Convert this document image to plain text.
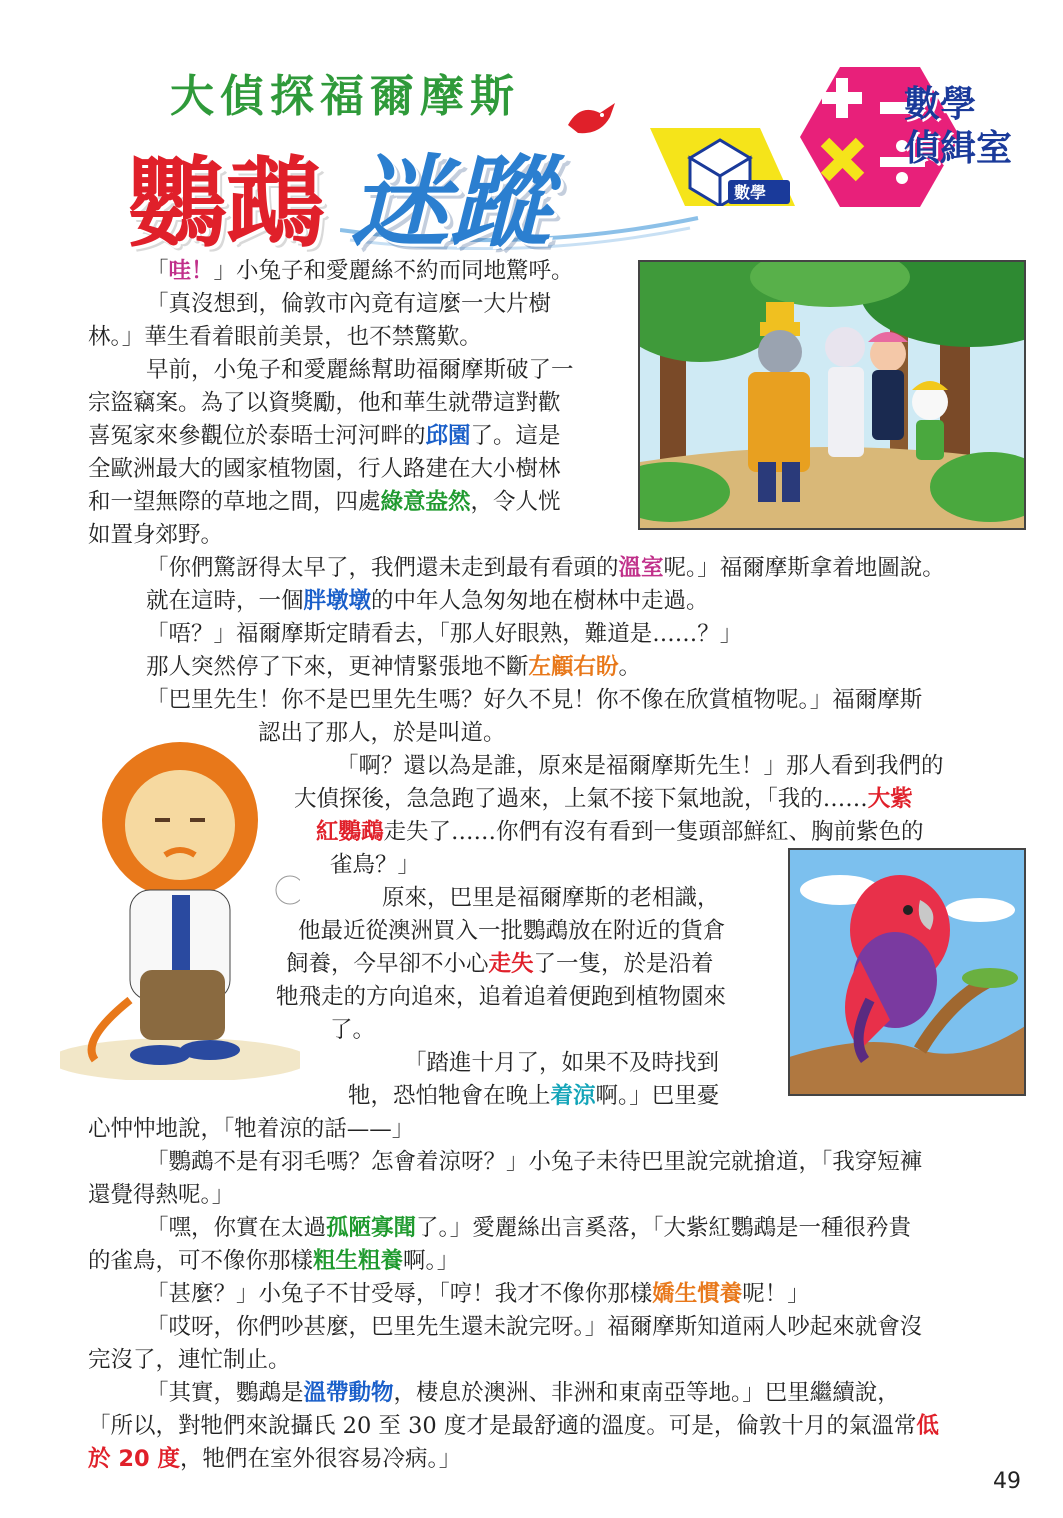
大偵探福爾摩斯
鸚鵡 迷蹤	數學
數學
偵緝室
「哇！」小兔子和愛麗絲不約而同地驚呼。
「真沒想到，倫敦市內竟有這麼一大片樹
林。」華生看着眼前美景，也不禁驚歎。
早前，小兔子和愛麗絲幫助福爾摩斯破了一
宗盜竊案。為了以資獎勵，他和華生就帶這對歡
喜冤家來參觀位於泰晤士河河畔的邱園了。這是
全歐洲最大的國家植物園，行人路建在大小樹林
和一望無際的草地之間，四處綠意盎然，令人恍
如置身郊野。
「你們驚訝得太早了，我們還未走到最有看頭的溫室呢。」福爾摩斯拿着地圖說。
就在這時，一個胖墩墩的中年人急匆匆地在樹林中走過。
「唔？」福爾摩斯定睛看去，「那人好眼熟，難道是……？」
那人突然停了下來，更神情緊張地不斷左顧右盼。
「巴里先生！你不是巴里先生嗎？好久不見！你不像在欣賞植物呢。」福爾摩斯
認出了那人，於是叫道。
「啊？還以為是誰，原來是福爾摩斯先生！」那人看到我們的
大偵探後，急急跑了過來，上氣不接下氣地說，「我的……大紫
紅鸚鵡走失了……你們有沒有看到一隻頭部鮮紅、胸前紫色的
雀鳥？」
原來，巴里是福爾摩斯的老相識，
他最近從澳洲買入一批鸚鵡放在附近的貨倉
飼養，今早卻不小心走失了一隻，於是沿着
牠飛走的方向追來，追着追着便跑到植物園來
了。
「踏進十月了，如果不及時找到
牠，恐怕牠會在晚上着涼啊。」巴里憂
心忡忡地說，「牠着涼的話——」
「鸚鵡不是有羽毛嗎？怎會着涼呀？」小兔子未待巴里說完就搶道，「我穿短褲
還覺得熱呢。」
「嘿，你實在太過孤陋寡聞了。」愛麗絲出言奚落，「大紫紅鸚鵡是一種很矜貴
的雀鳥，可不像你那樣粗生粗養啊。」
「甚麼？」小兔子不甘受辱，「哼！我才不像你那樣嬌生慣養呢！」
「哎呀，你們吵甚麼，巴里先生還未說完呀。」福爾摩斯知道兩人吵起來就會沒
完沒了，連忙制止。
「其實，鸚鵡是溫帶動物，棲息於澳洲、非洲和東南亞等地。」巴里繼續說，
「所以，對牠們來說攝氏 20 至 30 度才是最舒適的溫度。可是，倫敦十月的氣溫常低
於 20 度，牠們在室外很容易冷病。」
49
